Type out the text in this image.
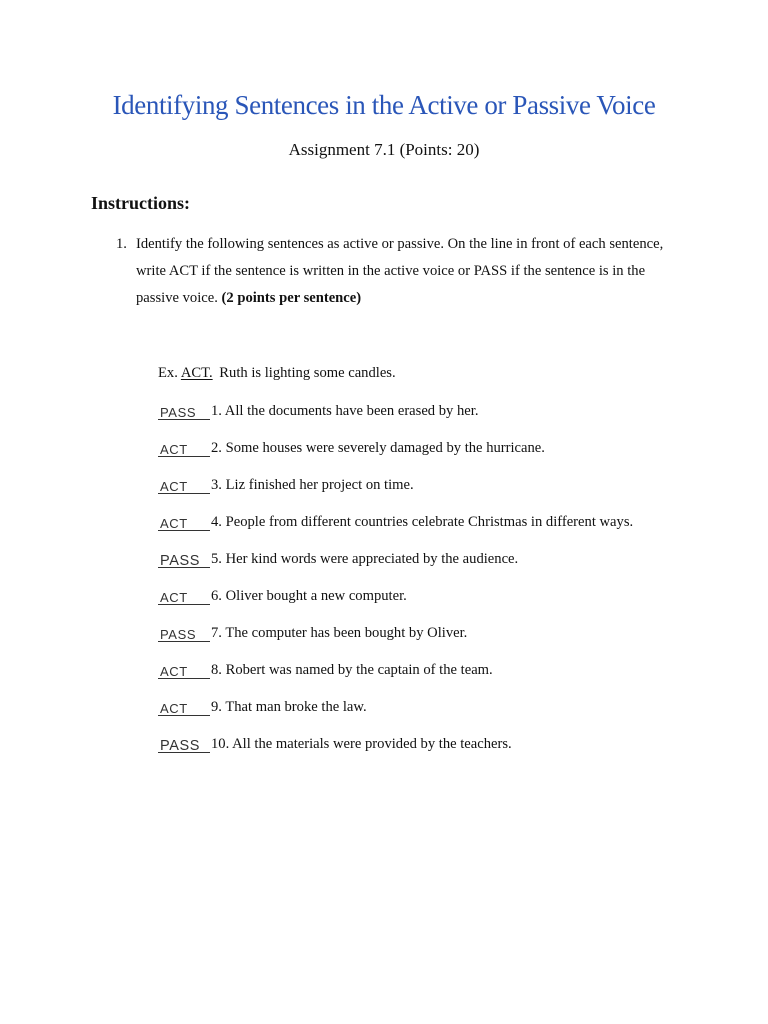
Identifying Sentences in the Active or Passive Voice
Assignment 7.1 (Points: 20)
Instructions:
1. Identify the following sentences as active or passive. On the line in front of each sentence, write ACT if the sentence is written in the active voice or PASS if the sentence is in the passive voice. (2 points per sentence)
Ex. ACT. Ruth is lighting some candles.
PASS 1. All the documents have been erased by her.
ACT 2. Some houses were severely damaged by the hurricane.
ACT 3. Liz finished her project on time.
ACT 4. People from different countries celebrate Christmas in different ways.
PASS 5. Her kind words were appreciated by the audience.
ACT 6. Oliver bought a new computer.
PASS 7. The computer has been bought by Oliver.
ACT 8. Robert was named by the captain of the team.
ACT 9. That man broke the law.
PASS 10. All the materials were provided by the teachers.
